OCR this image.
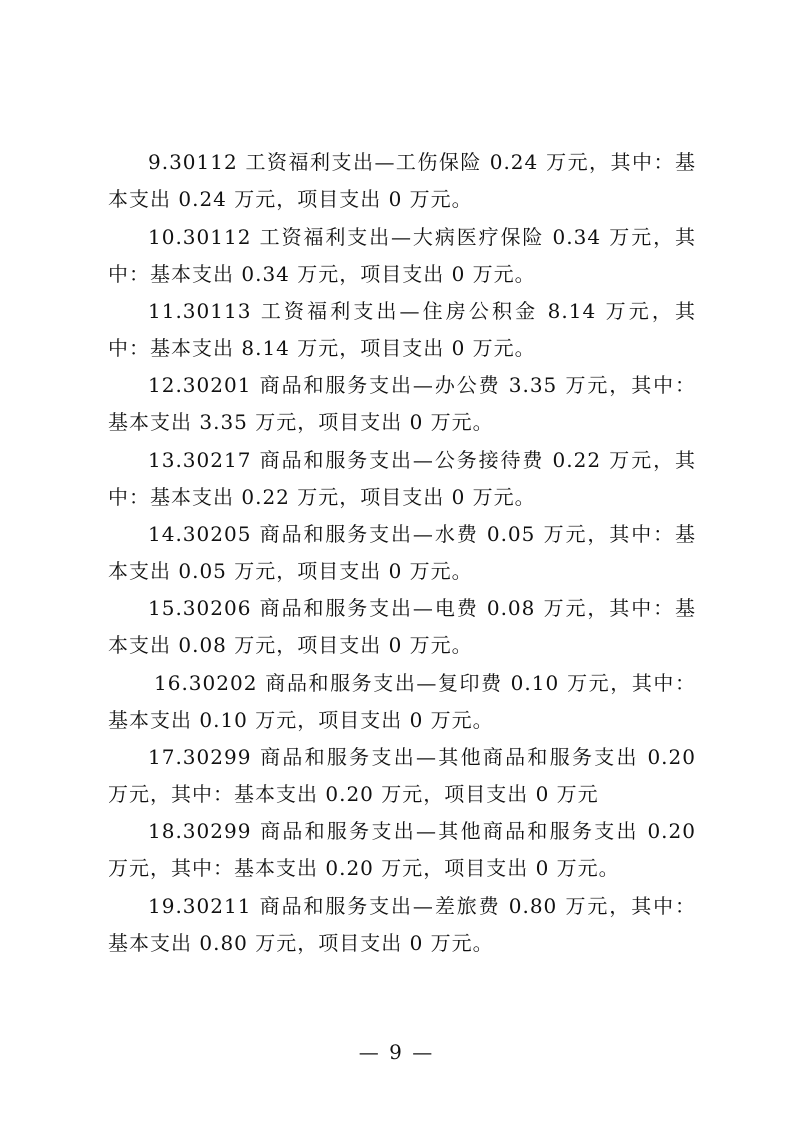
9.30112 工资福利支出—工伤保险 0.24 万元，其中：基本支出 0.24 万元，项目支出 0 万元。

10.30112 工资福利支出—大病医疗保险 0.34 万元，其中：基本支出 0.34 万元，项目支出 0 万元。

11.30113 工资福利支出—住房公积金 8.14 万元，其中：基本支出 8.14 万元，项目支出 0 万元。

12.30201 商品和服务支出—办公费 3.35 万元，其中：基本支出 3.35 万元，项目支出 0 万元。

13.30217 商品和服务支出—公务接待费 0.22 万元，其中：基本支出 0.22 万元，项目支出 0 万元。

14.30205 商品和服务支出—水费 0.05 万元，其中：基本支出 0.05 万元，项目支出 0 万元。

15.30206 商品和服务支出—电费 0.08 万元，其中：基本支出 0.08 万元，项目支出 0 万元。

16.30202 商品和服务支出—复印费 0.10 万元，其中：基本支出 0.10 万元，项目支出 0 万元。

17.30299 商品和服务支出—其他商品和服务支出 0.20 万元，其中：基本支出 0.20 万元，项目支出 0 万元

18.30299 商品和服务支出—其他商品和服务支出 0.20 万元，其中：基本支出 0.20 万元，项目支出 0 万元。

19.30211 商品和服务支出—差旅费 0.80 万元，其中：基本支出 0.80 万元，项目支出 0 万元。

— 9 —
